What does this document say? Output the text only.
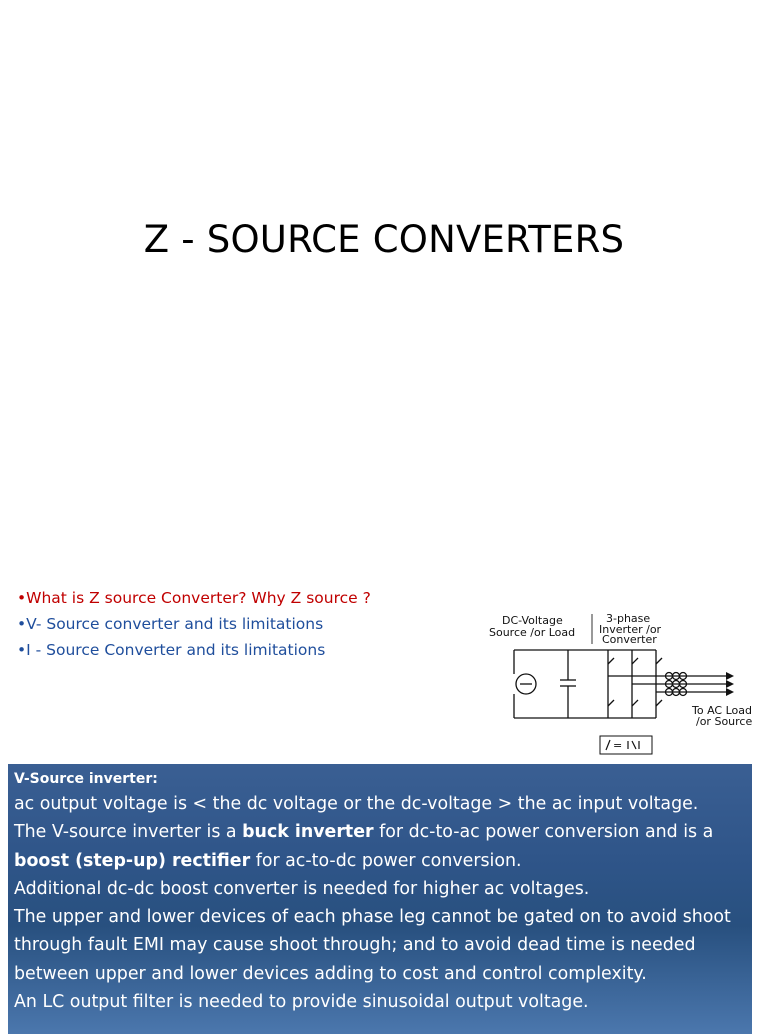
Z - SOURCE CONVERTERS
•What is Z source Converter? Why Z source ?
•V- Source converter and its limitations
•I - Source Converter and its limitations
DC-Voltage
Source /or Load
3-phase
Inverter /or
Converter
To AC Load
/or Source
=
V-Source inverter:

ac output voltage is < the dc voltage or the dc-voltage > the ac input voltage.

The V-source inverter is a buck inverter for dc-to-ac power conversion and is a boost (step-up) rectifier for ac-to-dc power conversion.

Additional dc-dc boost converter is needed for higher ac voltages.

The upper and lower devices of each phase leg cannot be gated on to avoid shoot through fault EMI may cause shoot through; and to avoid dead time is needed between upper and lower devices adding to cost and control complexity.

An LC output filter is needed to provide sinusoidal output voltage.
